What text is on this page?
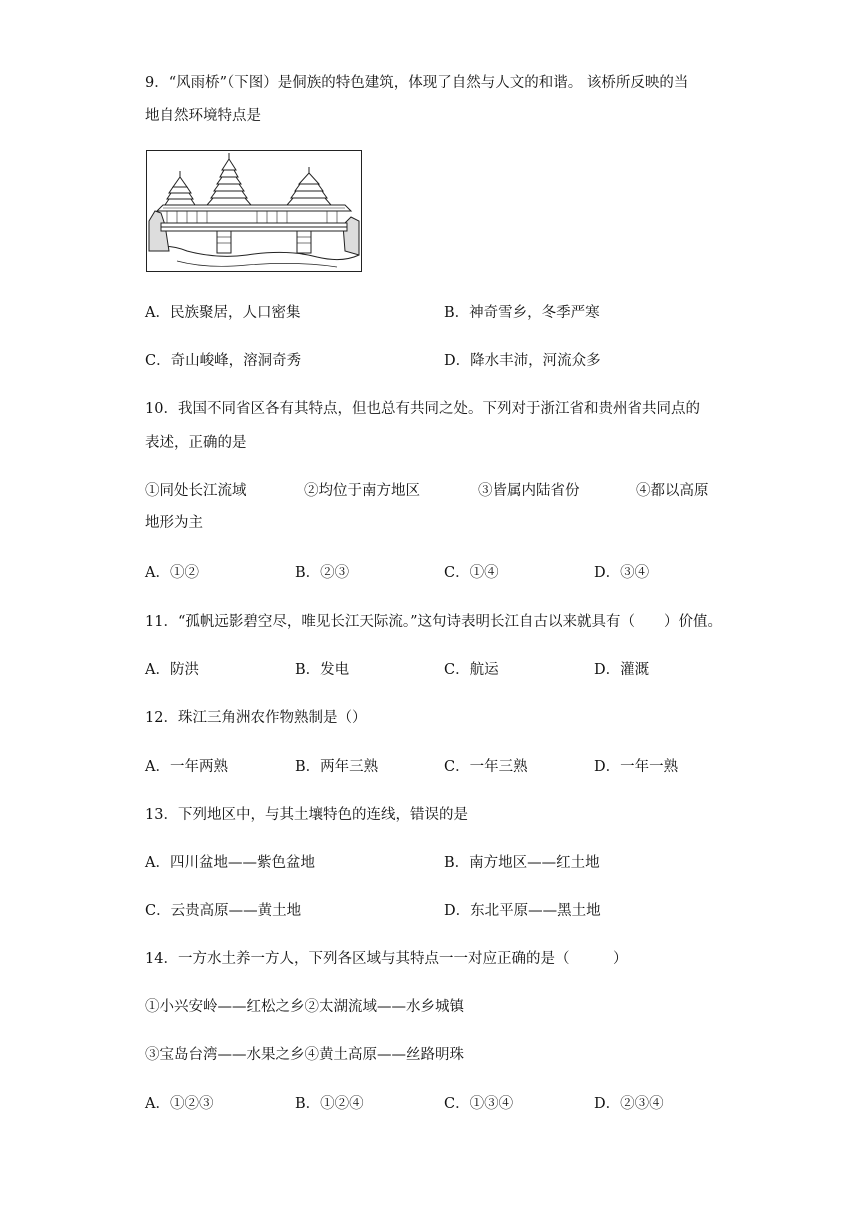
9．“风雨桥”（下图）是侗族的特色建筑，体现了自然与人文的和谐。 该桥所反映的当
地自然环境特点是
A．民族聚居，人口密集	B．神奇雪乡，冬季严寒
C．奇山峻峰，溶洞奇秀	D．降水丰沛，河流众多
10．我国不同省区各有其特点，但也总有共同之处。下列对于浙江省和贵州省共同点的
表述，正确的是
①同处长江流域	②均位于南方地区	③皆属内陆省份	④都以高原
地形为主
A．①②	B．②③	C．①④	D．③④
11．“孤帆远影碧空尽，唯见长江天际流。”这句诗表明长江自古以来就具有（　　）价值。
A．防洪	B．发电	C．航运	D．灌溉
12．珠江三角洲农作物熟制是（）
A．一年两熟	B．两年三熟	C．一年三熟	D．一年一熟
13．下列地区中，与其土壤特色的连线，错误的是
A．四川盆地——紫色盆地	B．南方地区——红土地
C．云贵高原——黄土地	D．东北平原——黑土地
14．一方水土养一方人，下列各区域与其特点一一对应正确的是（　　　）
①小兴安岭——红松之乡②太湖流域——水乡城镇
③宝岛台湾——水果之乡④黄土高原——丝路明珠
A．①②③	B．①②④	C．①③④	D．②③④
